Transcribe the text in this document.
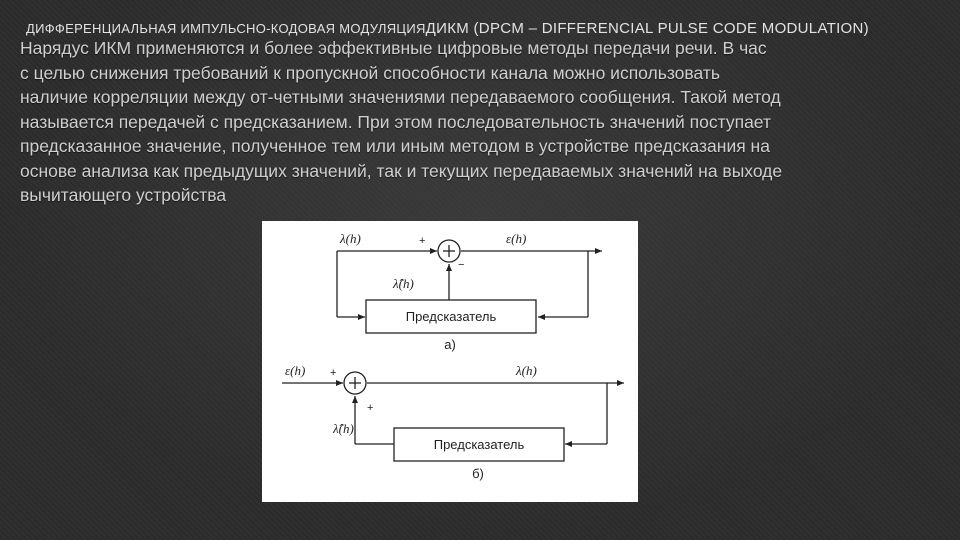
ДИФФЕРЕНЦИАЛЬНАЯ ИМПУЛЬСНО-КОДОВАЯ МОДУЛЯЦИЯДИКМ (DPCM – DIFFERENCIAL PULSE CODE MODULATION)

Нарядус ИКМ применяются и более эффективные цифровые методы передачи речи. В час

с целью снижения требований к пропускной способности канала можно использовать

наличие корреляции между от-четными значениями передаваемого сообщения. Такой метод

называется передачей с предсказанием. При этом последовательность значений поступает

предсказанное значение, полученное тем или иным методом в устройстве предсказания на

основе анализа как предыдущих значений, так и текущих передаваемых значений на выходе

вычитающего устройства

λ(h)	ε(h)
λ̂(h)
+
−
Предсказатель
а)
ε(h)	λ(h)
λ̂(h)
+
+
Предсказатель
б)
